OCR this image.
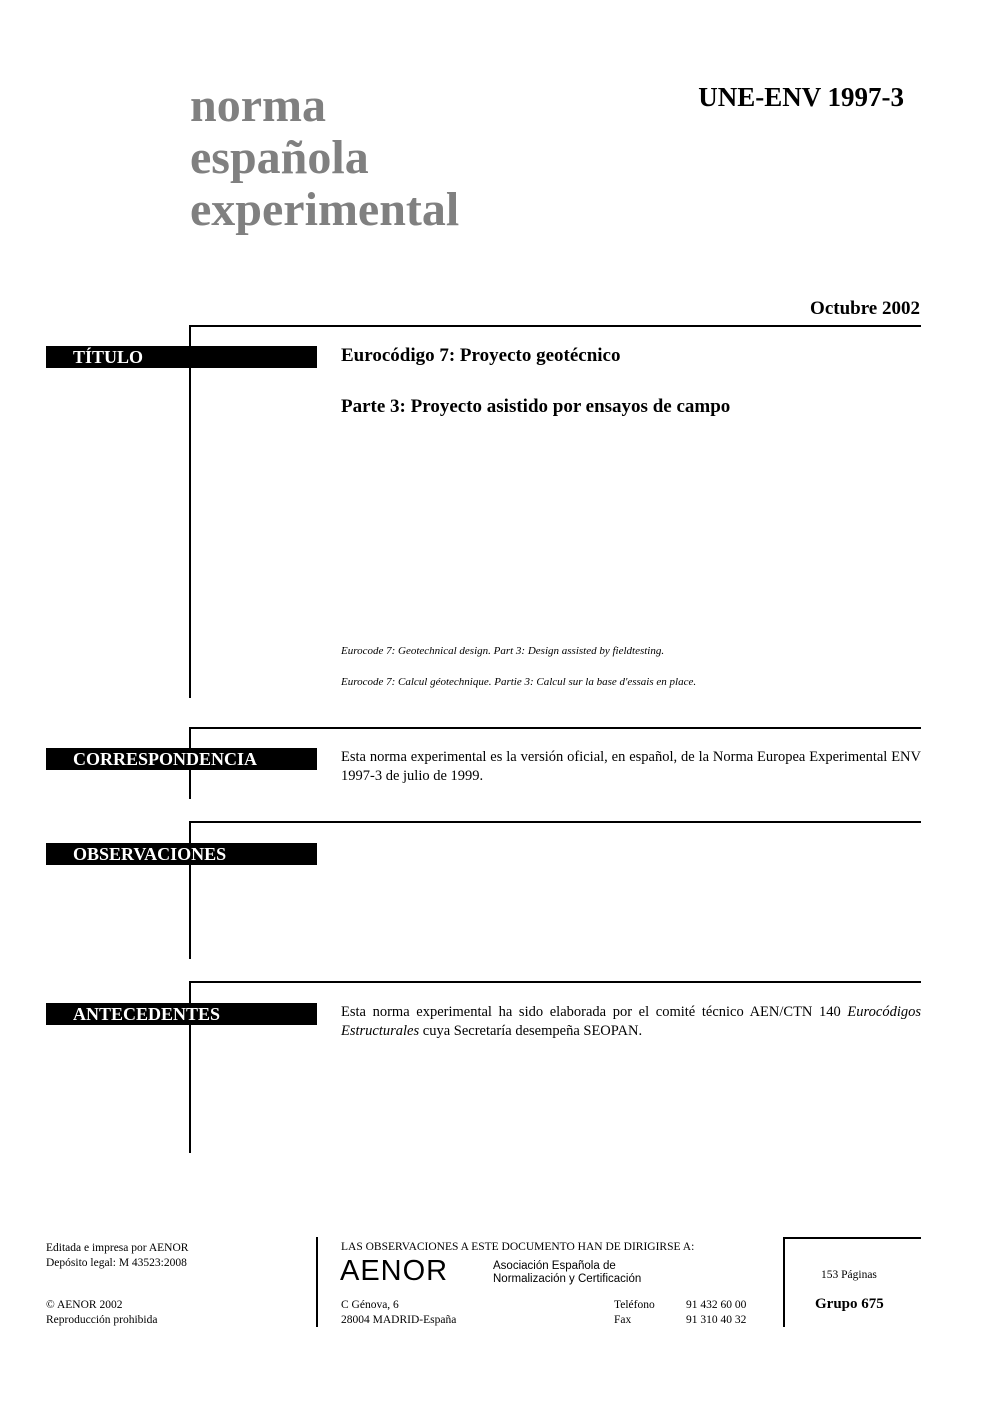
norma
española
experimental
UNE-ENV 1997-3
Octubre 2002
TÍTULO	Eurocódigo 7: Proyecto geotécnico
Parte 3: Proyecto asistido por ensayos de campo
Eurocode 7: Geotechnical design. Part 3: Design assisted by fieldtesting.
Eurocode 7: Calcul géotechnique. Partie 3: Calcul sur la base d'essais en place.
CORRESPONDENCIA	Esta norma experimental es la versión oficial, en español, de la Norma Europea Experimental ENV 1997-3 de julio de 1999.
OBSERVACIONES
ANTECEDENTES	Esta norma experimental ha sido elaborada por el comité técnico AEN/CTN 140 Eurocódigos Estructurales cuya Secretaría desempeña SEOPAN.
Editada e impresa por AENOR
Depósito legal: M 43523:2008
© AENOR 2002
Reproducción prohibida
LAS OBSERVACIONES A ESTE DOCUMENTO HAN DE DIRIGIRSE A:
AENOR	Asociación Española de
Normalización y Certificación
C Génova, 6
28004 MADRID-España
Teléfono	91 432 60 00
Fax	91 310 40 32
153 Páginas
Grupo 675
